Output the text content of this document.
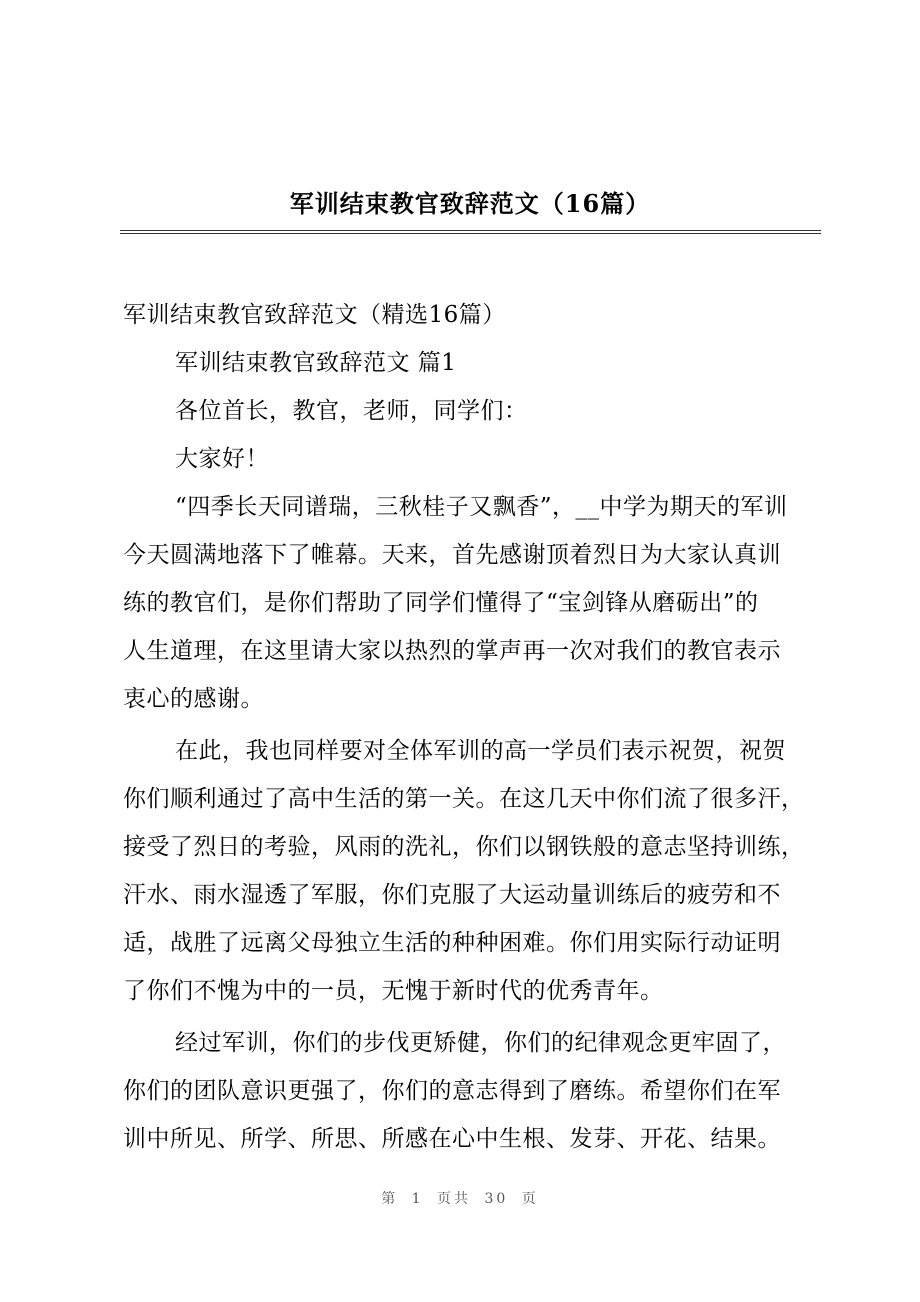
军训结束教官致辞范文（16篇）
军训结束教官致辞范文（精选16篇）
军训结束教官致辞范文 篇1
各位首长，教官，老师，同学们：
大家好！
“四季长天同谱瑞，三秋桂子又飘香”，__中学为期天的军训
今天圆满地落下了帷幕。天来，首先感谢顶着烈日为大家认真训
练的教官们，是你们帮助了同学们懂得了“宝剑锋从磨砺出”的
人生道理，在这里请大家以热烈的掌声再一次对我们的教官表示
衷心的感谢。
在此，我也同样要对全体军训的高一学员们表示祝贺，祝贺
你们顺利通过了高中生活的第一关。在这几天中你们流了很多汗，
接受了烈日的考验，风雨的洗礼，你们以钢铁般的意志坚持训练，
汗水、雨水湿透了军服，你们克服了大运动量训练后的疲劳和不
适，战胜了远离父母独立生活的种种困难。你们用实际行动证明
了你们不愧为中的一员，无愧于新时代的优秀青年。
经过军训，你们的步伐更矫健，你们的纪律观念更牢固了，
你们的团队意识更强了，你们的意志得到了磨练。希望你们在军
训中所见、所学、所思、所感在心中生根、发芽、开花、结果。
第 1 页共 30 页
